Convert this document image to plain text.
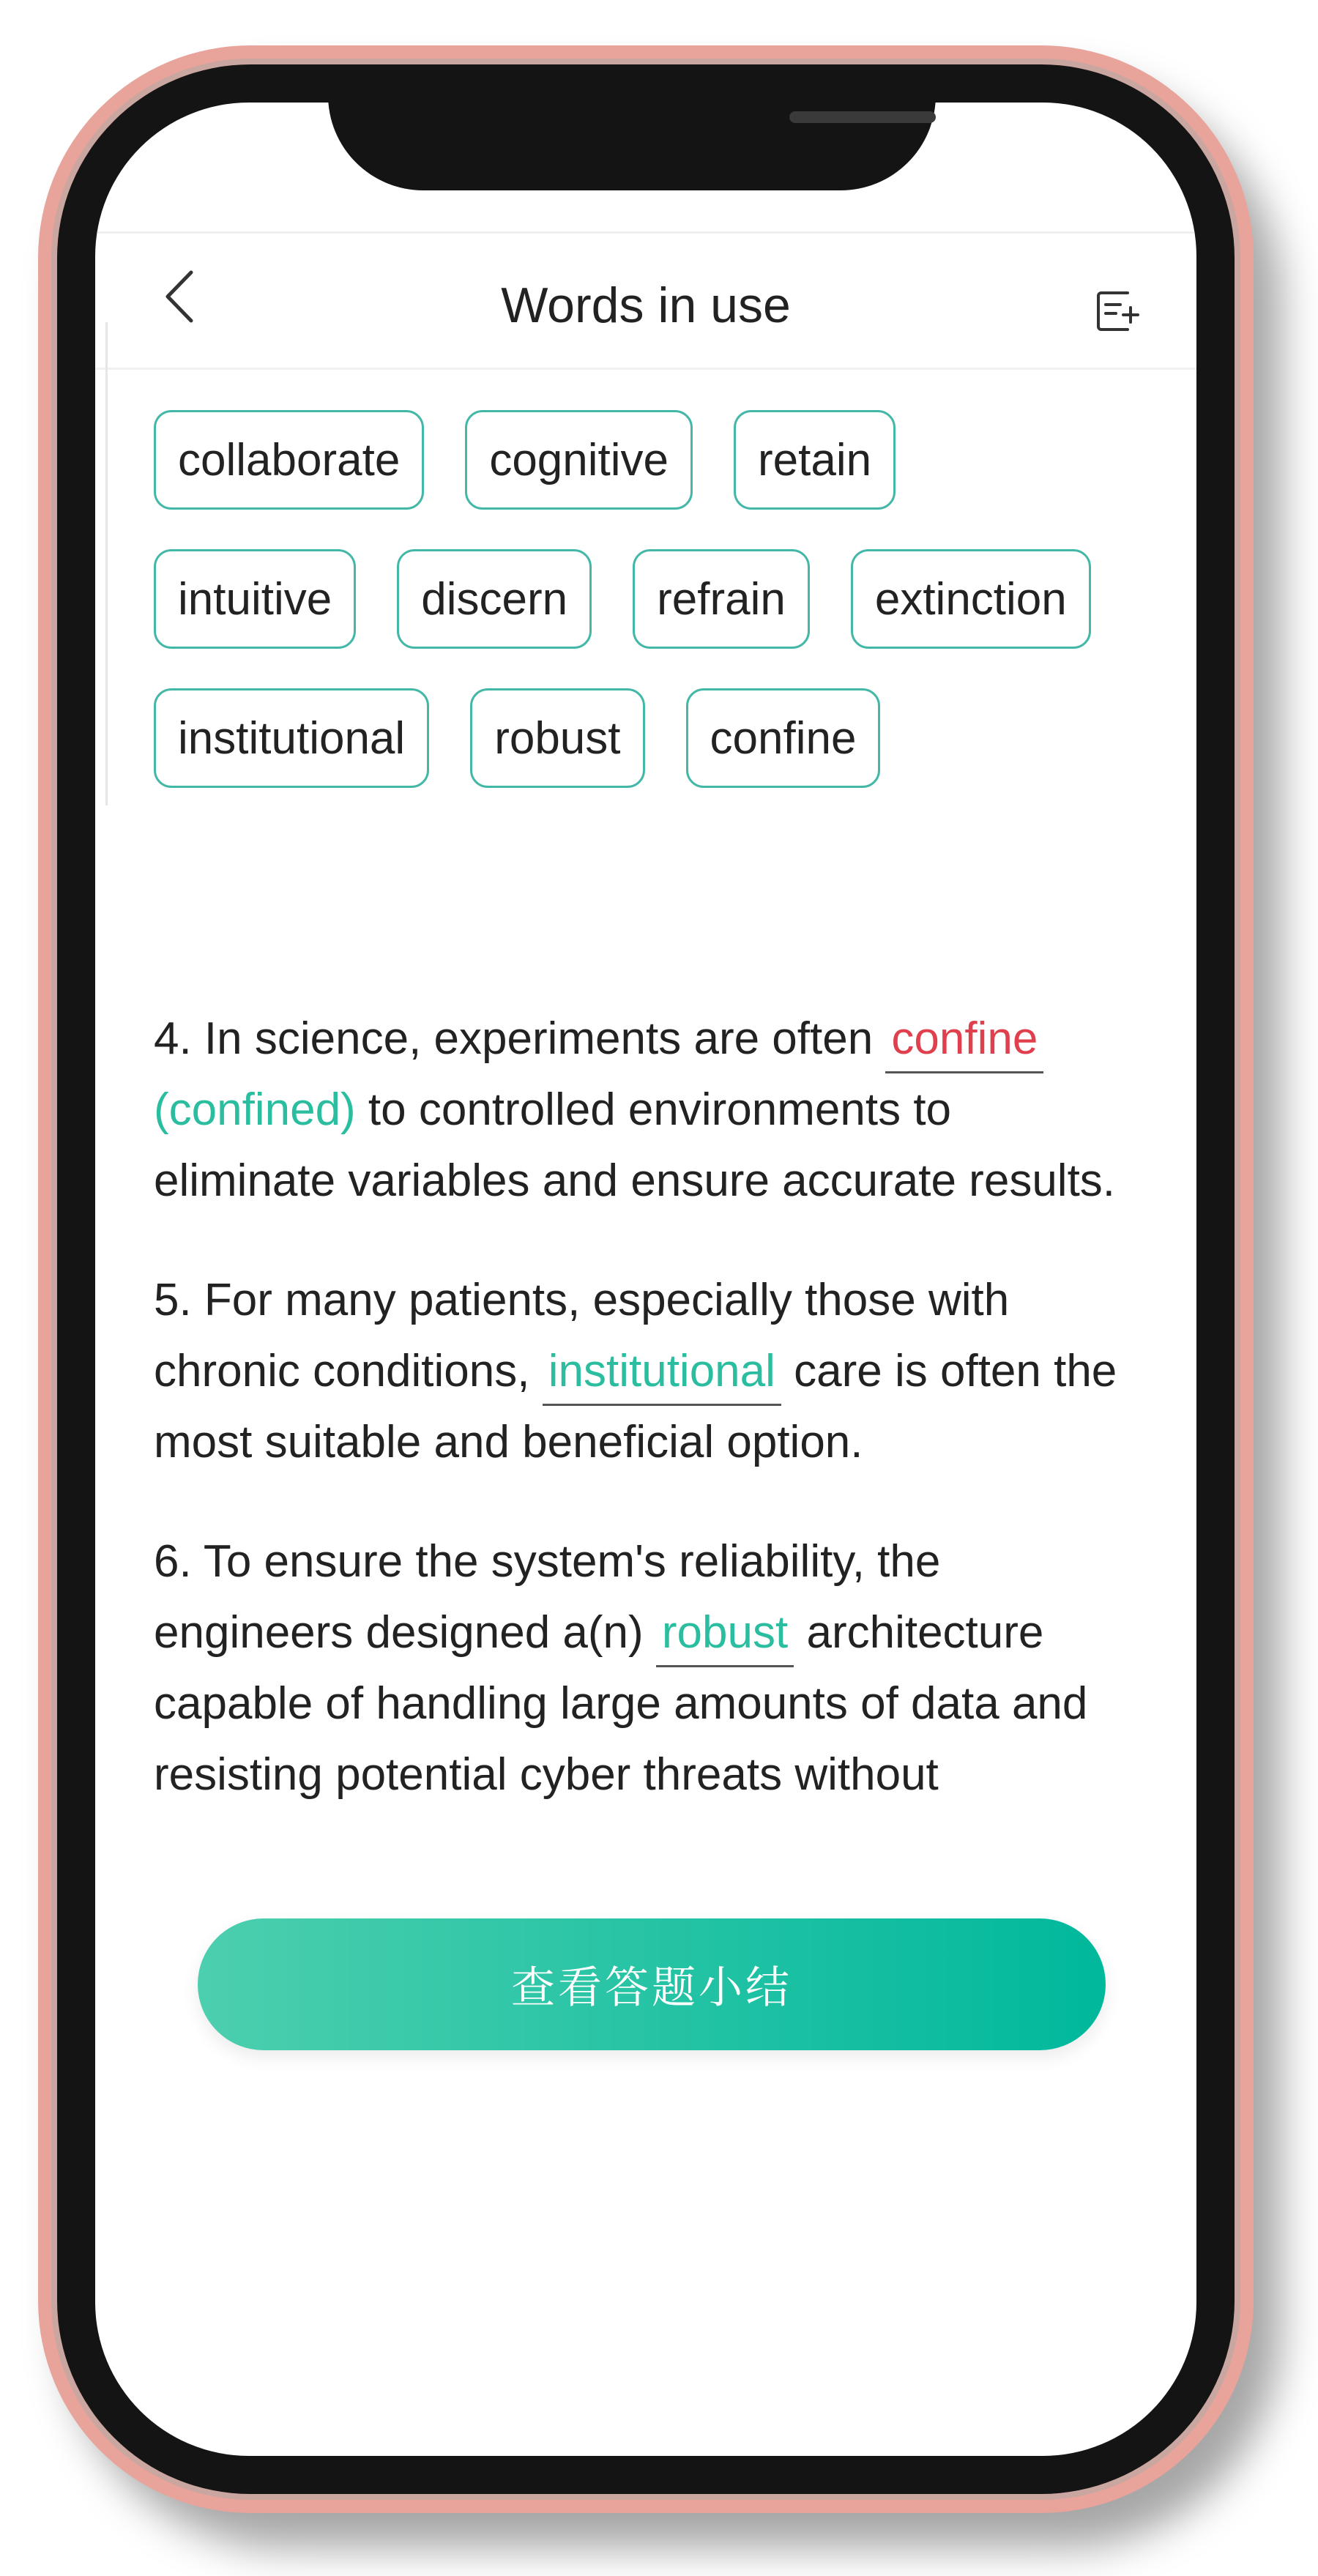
Words in use
collaborate	cognitive	retain
intuitive	discern	refrain	extinction
institutional	robust	confine

4. In science, experiments are often confine (confined) to controlled environments to eliminate variables and ensure accurate results.

5. For many patients, especially those with chronic conditions, institutional care is often the most suitable and beneficial option.

6. To ensure the system's reliability, the engineers designed a(n) robust architecture capable of handling large amounts of data and resisting potential cyber threats without

查看答题小结
